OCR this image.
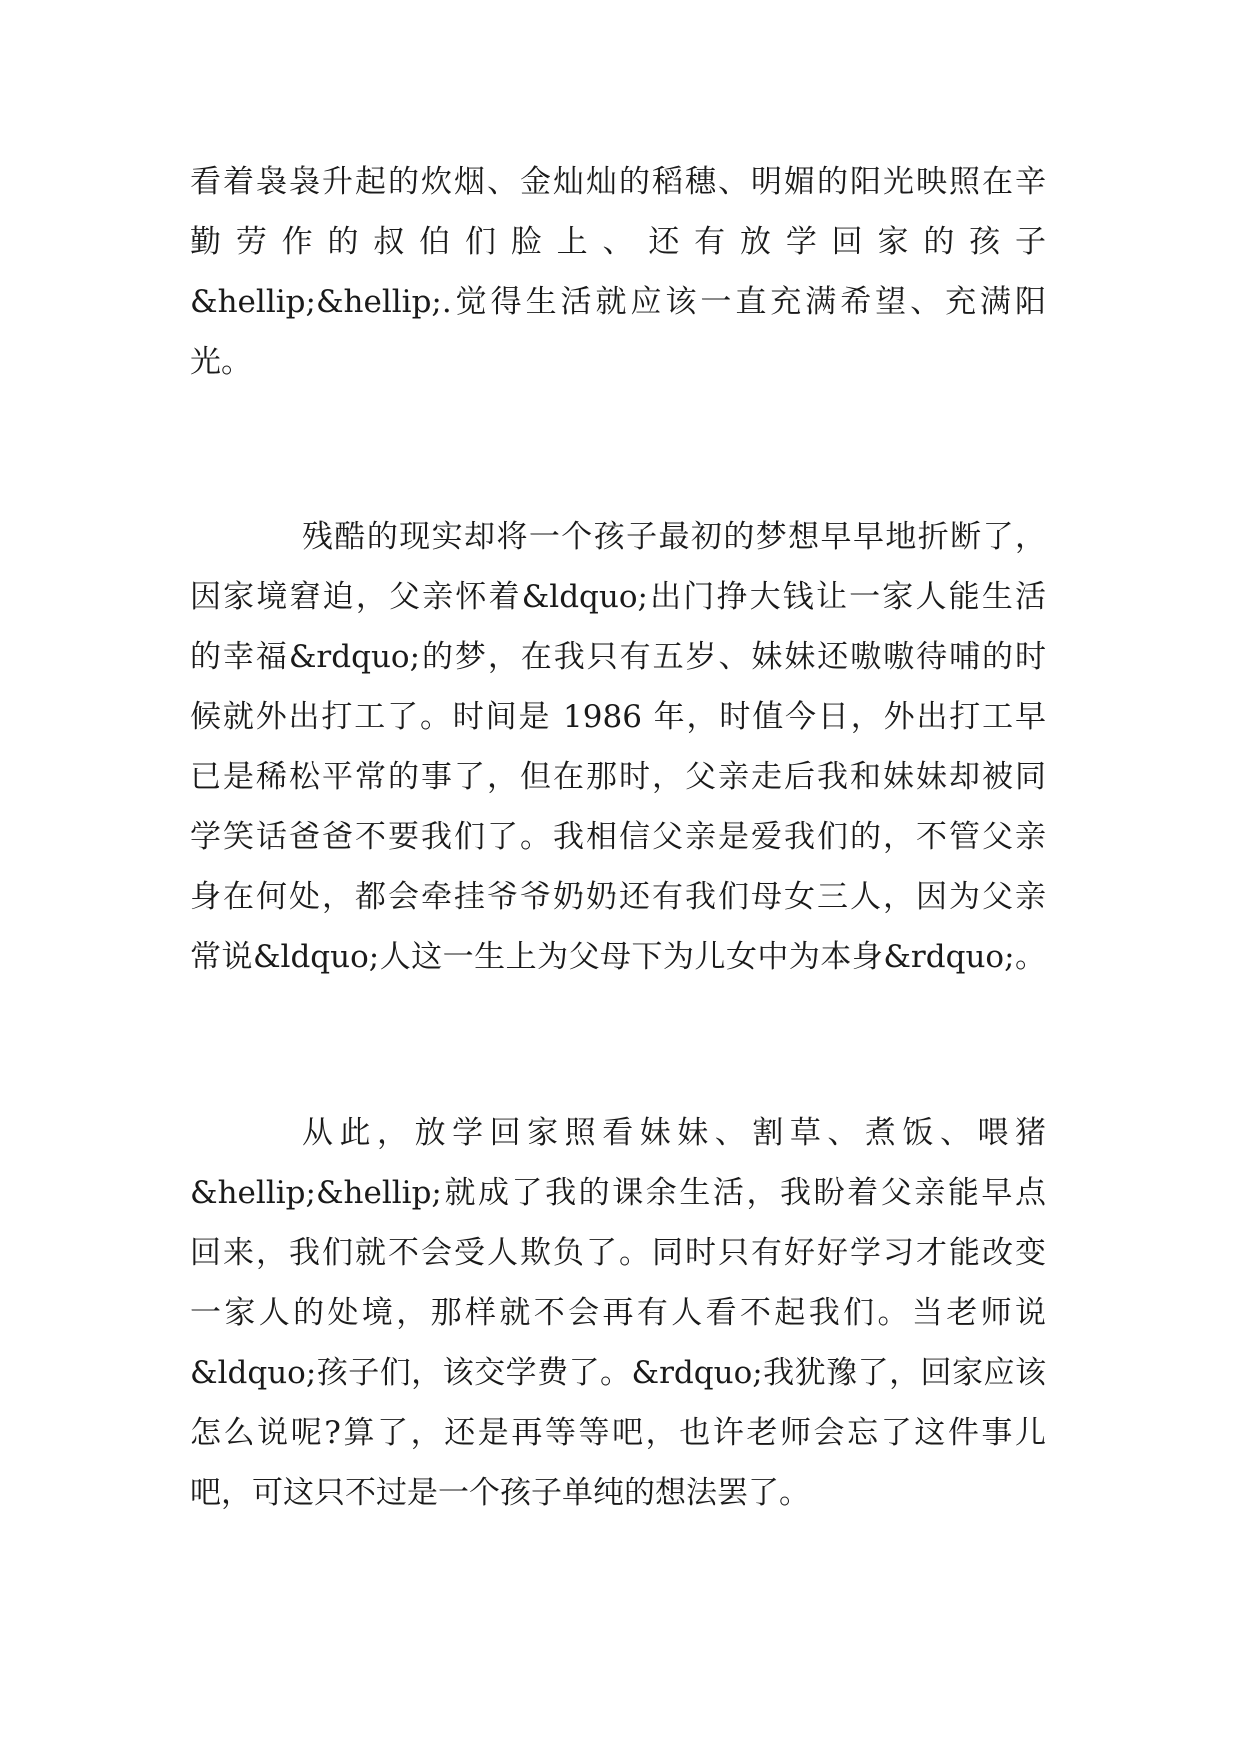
看着袅袅升起的炊烟、金灿灿的稻穗、明媚的阳光映照在辛
勤劳作的叔伯们脸上、还有放学回家的孩子
&hellip;&hellip;.觉得生活就应该一直充满希望、充满阳
光。
残酷的现实却将一个孩子最初的梦想早早地折断了，
因家境窘迫，父亲怀着&ldquo;出门挣大钱让一家人能生活
的幸福&rdquo;的梦，在我只有五岁、妹妹还嗷嗷待哺的时
候就外出打工了。时间是 1986 年，时值今日，外出打工早
已是稀松平常的事了，但在那时，父亲走后我和妹妹却被同
学笑话爸爸不要我们了。我相信父亲是爱我们的，不管父亲
身在何处，都会牵挂爷爷奶奶还有我们母女三人，因为父亲
常说&ldquo;人这一生上为父母下为儿女中为本身&rdquo;。
从此，放学回家照看妹妹、割草、煮饭、喂猪
&hellip;&hellip;就成了我的课余生活，我盼着父亲能早点
回来，我们就不会受人欺负了。同时只有好好学习才能改变
一家人的处境，那样就不会再有人看不起我们。当老师说
&ldquo;孩子们，该交学费了。&rdquo;我犹豫了，回家应该
怎么说呢?算了，还是再等等吧，也许老师会忘了这件事儿
吧，可这只不过是一个孩子单纯的想法罢了。
